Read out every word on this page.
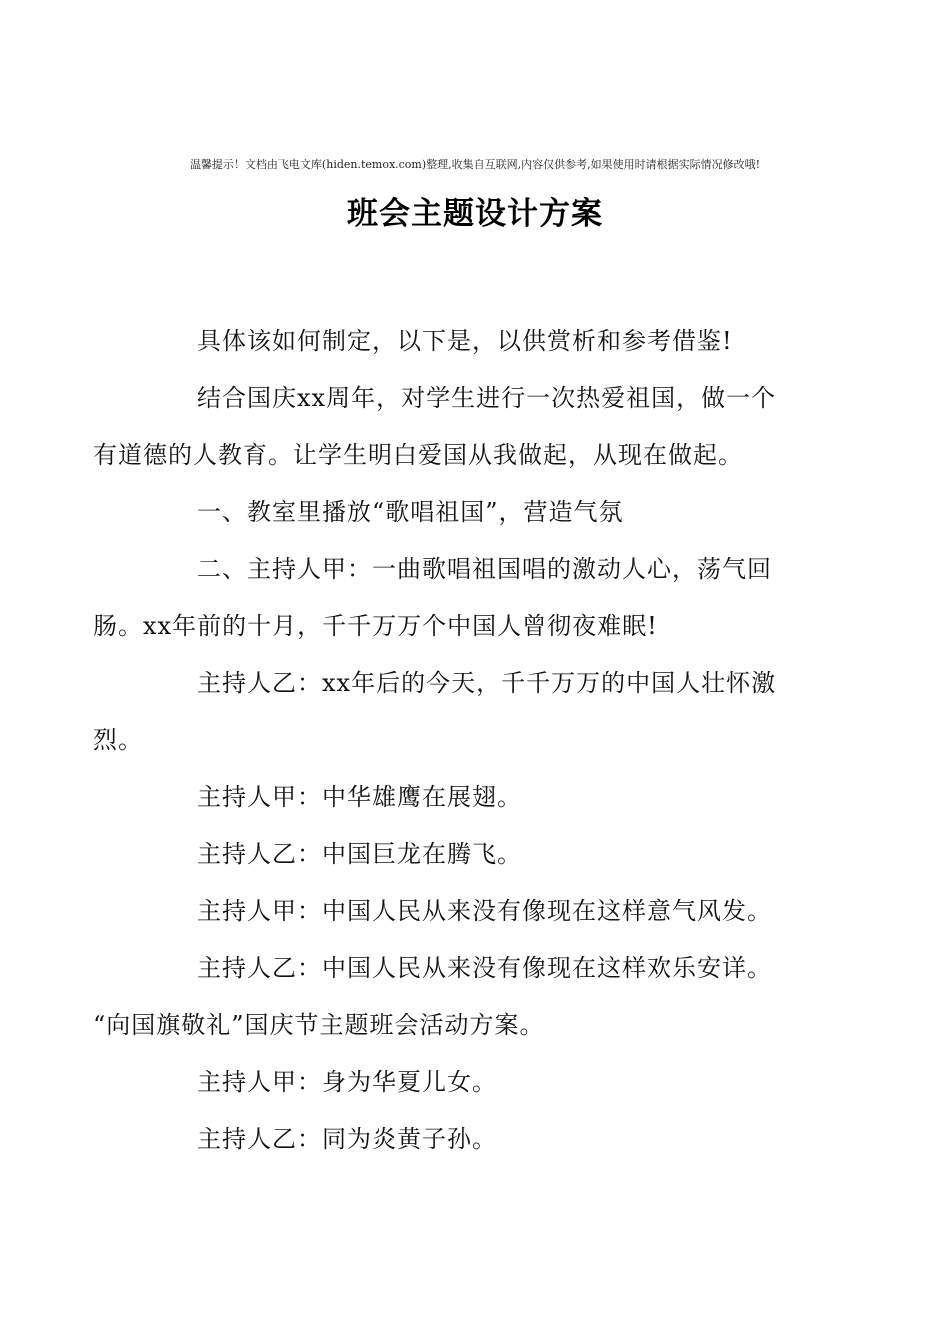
温馨提示！文档由飞电文库(hiden.temox.com)整理,收集自互联网,内容仅供参考,如果使用时请根据实际情况修改哦!
班会主题设计方案

具体该如何制定，以下是，以供赏析和参考借鉴!

结合国庆xx周年，对学生进行一次热爱祖国，做一个
有道德的人教育。让学生明白爱国从我做起，从现在做起。

一、教室里播放“歌唱祖国”，营造气氛

二、主持人甲：一曲歌唱祖国唱的激动人心，荡气回
肠。xx年前的十月，千千万万个中国人曾彻夜难眠!

主持人乙：xx年后的今天，千千万万的中国人壮怀激
烈。

主持人甲：中华雄鹰在展翅。

主持人乙：中国巨龙在腾飞。

主持人甲：中国人民从来没有像现在这样意气风发。

主持人乙：中国人民从来没有像现在这样欢乐安详。
“向国旗敬礼”国庆节主题班会活动方案。

主持人甲：身为华夏儿女。

主持人乙：同为炎黄子孙。
